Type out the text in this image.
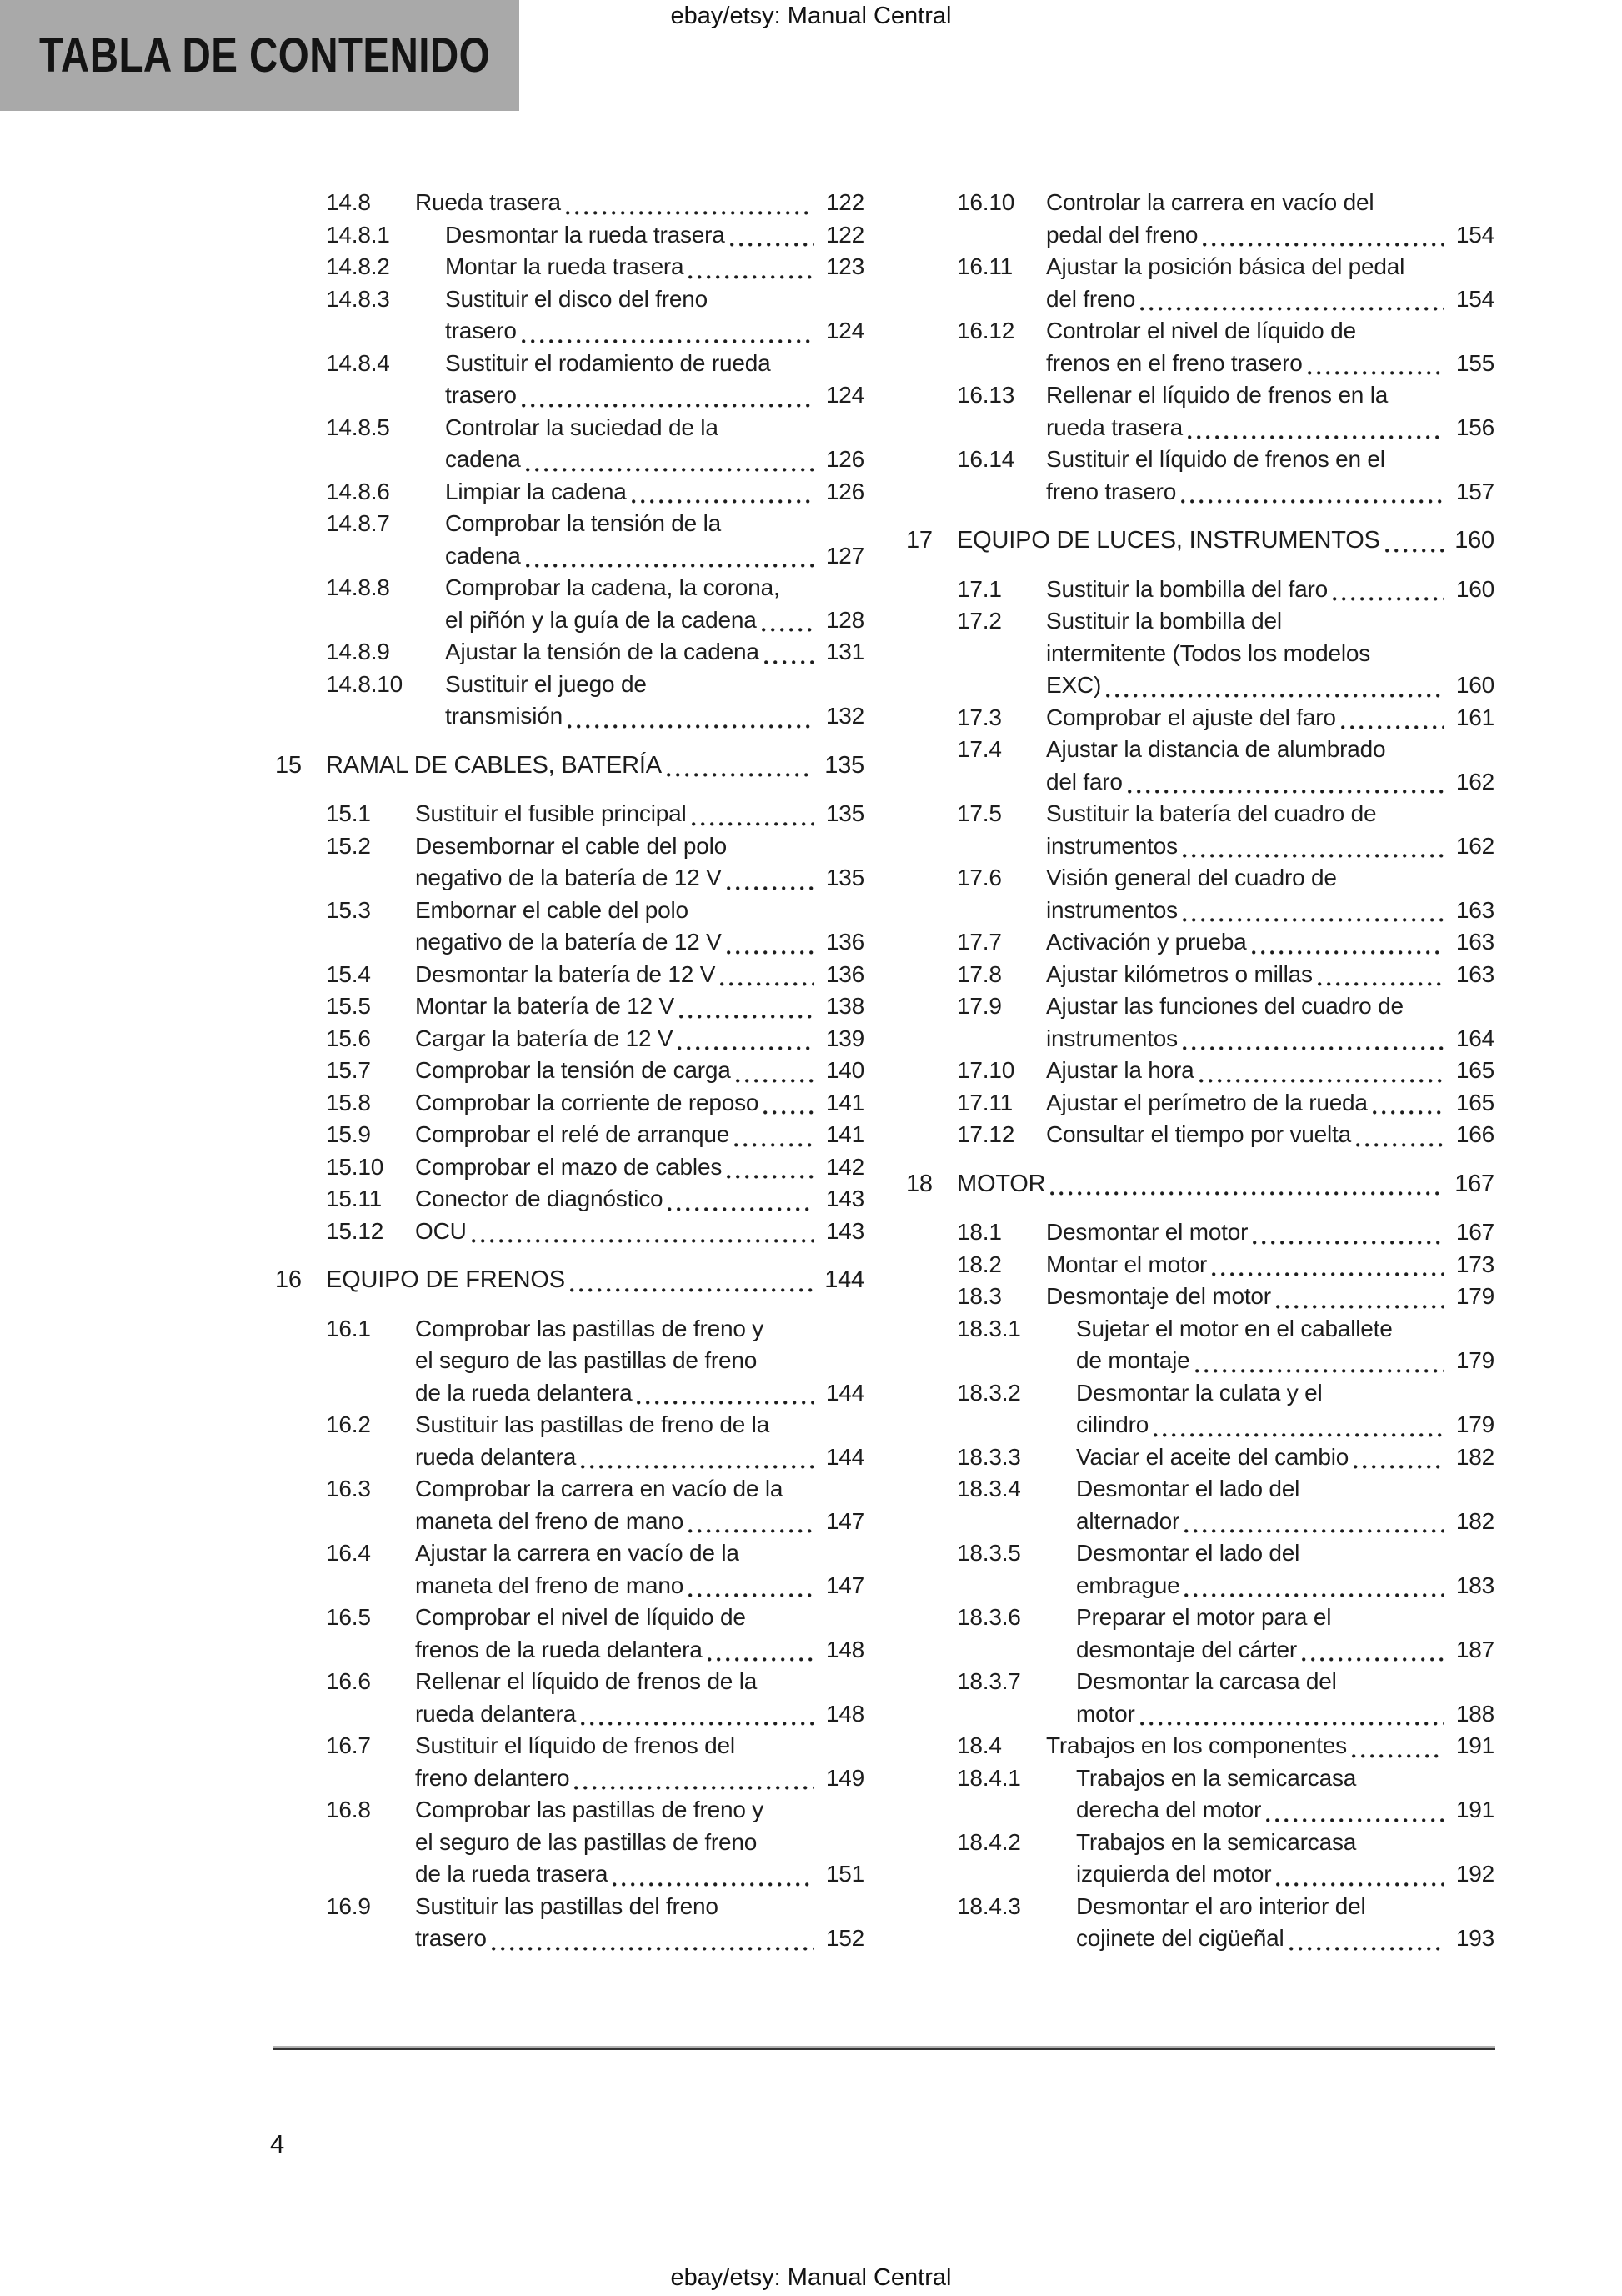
TABLA DE CONTENIDO
ebay/etsy: Manual Central
14.8	Rueda trasera	122
14.8.1	Desmontar la rueda trasera	122
14.8.2	Montar la rueda trasera	123
14.8.3	Sustituir el disco del freno
trasero	124
14.8.4	Sustituir el rodamiento de rueda
trasero	124
14.8.5	Controlar la suciedad de la
cadena	126
14.8.6	Limpiar la cadena	126
14.8.7	Comprobar la tensión de la
cadena	127
14.8.8	Comprobar la cadena, la corona,
el piñón y la guía de la cadena	128
14.8.9	Ajustar la tensión de la cadena	131
14.8.10	Sustituir el juego de
transmisión	132
15	RAMAL DE CABLES, BATERÍA	135
15.1	Sustituir el fusible principal	135
15.2	Desembornar el cable del polo
negativo de la batería de 12 V	135
15.3	Embornar el cable del polo
negativo de la batería de 12 V	136
15.4	Desmontar la batería de 12 V	136
15.5	Montar la batería de 12 V	138
15.6	Cargar la batería de 12 V	139
15.7	Comprobar la tensión de carga	140
15.8	Comprobar la corriente de reposo	141
15.9	Comprobar el relé de arranque	141
15.10	Comprobar el mazo de cables	142
15.11	Conector de diagnóstico	143
15.12	OCU	143
16	EQUIPO DE FRENOS	144
16.1	Comprobar las pastillas de freno y
el seguro de las pastillas de freno
de la rueda delantera	144
16.2	Sustituir las pastillas de freno de la
rueda delantera	144
16.3	Comprobar la carrera en vacío de la
maneta del freno de mano	147
16.4	Ajustar la carrera en vacío de la
maneta del freno de mano	147
16.5	Comprobar el nivel de líquido de
frenos de la rueda delantera	148
16.6	Rellenar el líquido de frenos de la
rueda delantera	148
16.7	Sustituir el líquido de frenos del
freno delantero	149
16.8	Comprobar las pastillas de freno y
el seguro de las pastillas de freno
de la rueda trasera	151
16.9	Sustituir las pastillas del freno
trasero	152
16.10	Controlar la carrera en vacío del
pedal del freno	154
16.11	Ajustar la posición básica del pedal
del freno	154
16.12	Controlar el nivel de líquido de
frenos en el freno trasero	155
16.13	Rellenar el líquido de frenos en la
rueda trasera	156
16.14	Sustituir el líquido de frenos en el
freno trasero	157
17	EQUIPO DE LUCES, INSTRUMENTOS	160
17.1	Sustituir la bombilla del faro	160
17.2	Sustituir la bombilla del
intermitente (Todos los modelos
EXC)	160
17.3	Comprobar el ajuste del faro	161
17.4	Ajustar la distancia de alumbrado
del faro	162
17.5	Sustituir la batería del cuadro de
instrumentos	162
17.6	Visión general del cuadro de
instrumentos	163
17.7	Activación y prueba	163
17.8	Ajustar kilómetros o millas	163
17.9	Ajustar las funciones del cuadro de
instrumentos	164
17.10	Ajustar la hora	165
17.11	Ajustar el perímetro de la rueda	165
17.12	Consultar el tiempo por vuelta	166
18	MOTOR	167
18.1	Desmontar el motor	167
18.2	Montar el motor	173
18.3	Desmontaje del motor	179
18.3.1	Sujetar el motor en el caballete
de montaje	179
18.3.2	Desmontar la culata y el
cilindro	179
18.3.3	Vaciar el aceite del cambio	182
18.3.4	Desmontar el lado del
alternador	182
18.3.5	Desmontar el lado del
embrague	183
18.3.6	Preparar el motor para el
desmontaje del cárter	187
18.3.7	Desmontar la carcasa del
motor	188
18.4	Trabajos en los componentes	191
18.4.1	Trabajos en la semicarcasa
derecha del motor	191
18.4.2	Trabajos en la semicarcasa
izquierda del motor	192
18.4.3	Desmontar el aro interior del
cojinete del cigüeñal	193
4
ebay/etsy: Manual Central
